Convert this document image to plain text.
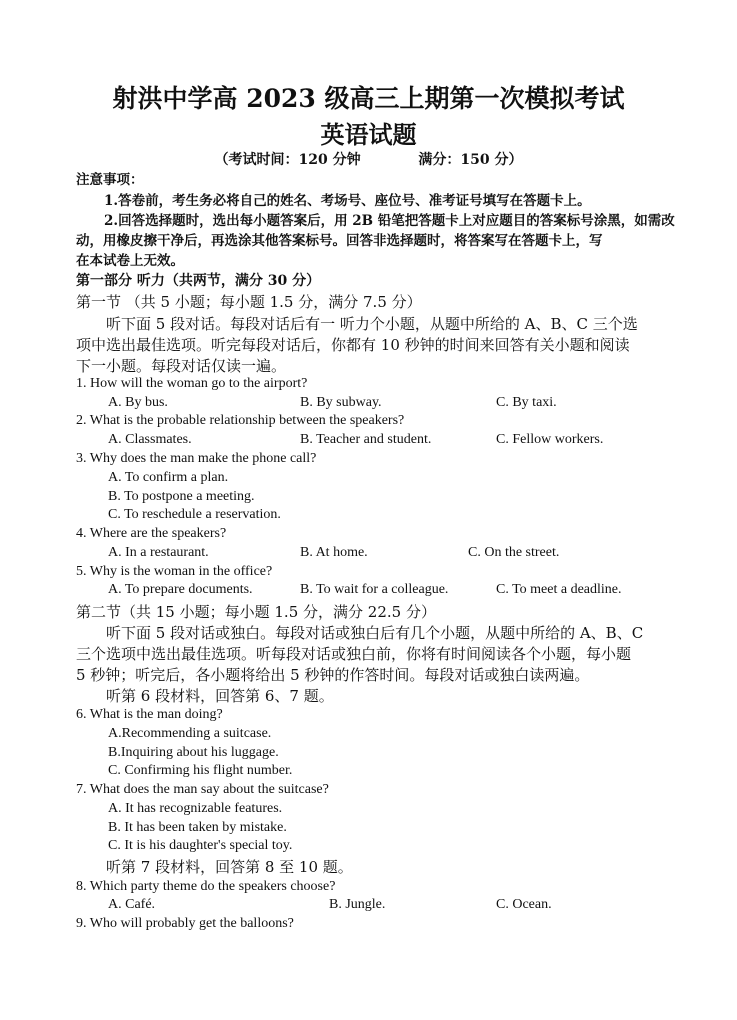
射洪中学高 2023 级高三上期第一次模拟考试
英语试题
（考试时间：120 分钟	满分：150 分）
注意事项：
1.答卷前，考生务必将自己的姓名、考场号、座位号、准考证号填写在答题卡上。
2.回答选择题时，选出每小题答案后，用 2B 铅笔把答题卡上对应题目的答案标号涂黑，如需改
动，用橡皮擦干净后，再选涂其他答案标号。回答非选择题时，将答案写在答题卡上，写
在本试卷上无效。
第一部分 听力（共两节，满分 30 分）
第一节 （共 5 小题；每小题 1.5 分，满分 7.5 分）
听下面 5 段对话。每段对话后有一 听力个小题，从题中所给的 A、B、C 三个选
项中选出最佳选项。听完每段对话后，你都有 10 秒钟的时间来回答有关小题和阅读
下一小题。每段对话仅读一遍。
1. How will the woman go to the airport?
A. By bus.	B. By subway.	C. By taxi.
2. What is the probable relationship between the speakers?
A. Classmates.	B. Teacher and student.	C. Fellow workers.
3. Why does the man make the phone call?
A. To confirm a plan.
B. To postpone a meeting.
C. To reschedule a reservation.
4. Where are the speakers?
A. In a restaurant.	B. At home.	C. On the street.
5. Why is the woman in the office?
A. To prepare documents.	B. To wait for a colleague.	C. To meet a deadline.
第二节（共 15 小题；每小题 1.5 分，满分 22.5 分）
听下面 5 段对话或独白。每段对话或独白后有几个小题，从题中所给的 A、B、C
三个选项中选出最佳选项。听每段对话或独白前，你将有时间阅读各个小题，每小题
5 秒钟；听完后，各小题将给出 5 秒钟的作答时间。每段对话或独白读两遍。
听第 6 段材料，回答第 6、7 题。
6. What is the man doing?
A.Recommending a suitcase.
B.Inquiring about his luggage.
C. Confirming his flight number.
7. What does the man say about the suitcase?
A. It has recognizable features.
B. It has been taken by mistake.
C. It is his daughter's special toy.
听第 7 段材料，回答第 8 至 10 题。
8. Which party theme do the speakers choose?
A. Café.	B. Jungle.	C. Ocean.
9. Who will probably get the balloons?
